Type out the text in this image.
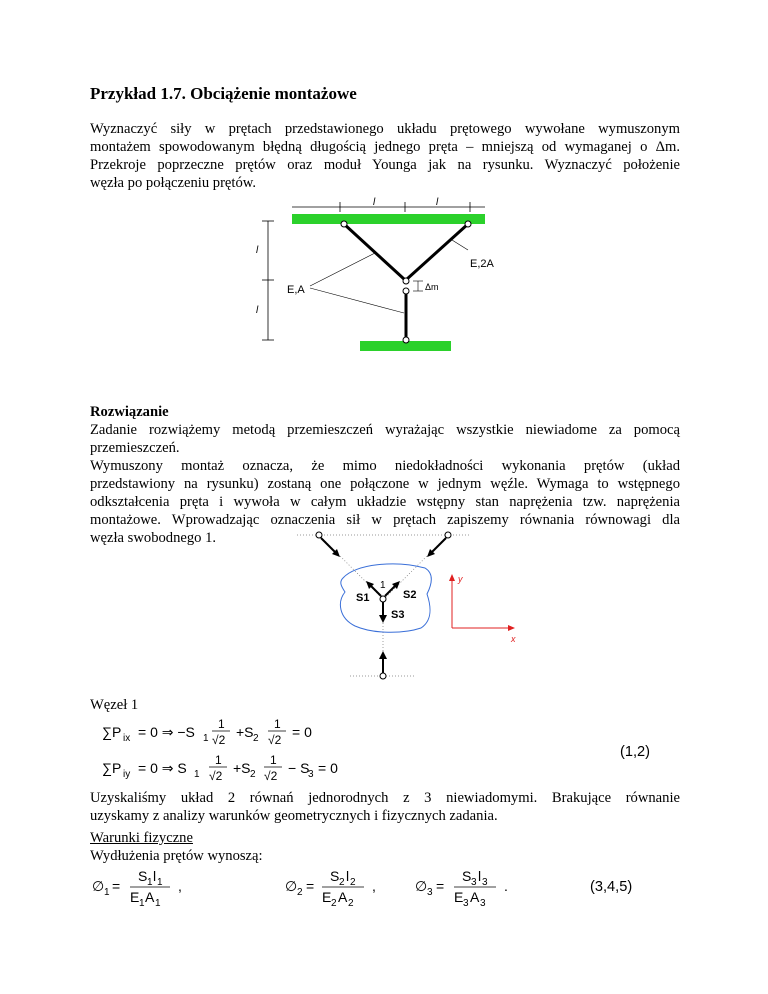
Przykład 1.7. Obciążenie montażowe
Wyznaczyć siły w prętach przedstawionego układu prętowego wywołane wymuszonym
montażem spowodowanym błędną długością jednego pręta – mniejszą od wymaganej o Δm.
Przekroje poprzeczne prętów oraz moduł Younga jak na rysunku. Wyznaczyć położenie
węzła po połączeniu prętów.
l	l
l
l
E,2A
E,A	Δm
Rozwiązanie
Zadanie rozwiążemy metodą przemieszczeń wyrażając wszystkie niewiadome za pomocą
przemieszczeń.
Wymuszony montaż oznacza, że mimo niedokładności wykonania prętów (układ
przedstawiony na rysunku) zostaną one połączone w jednym węźle. Wymaga to wstępnego
odkształcenia pręta i wywoła w całym układzie wstępny stan naprężenia tzw. naprężenia
montażowe. Wprowadzając oznaczenia sił w prętach zapiszemy równania równowagi dla
węzła swobodnego 1.
1
S1	S2
S3
y
x
Węzeł 1
∑P ix = 0 ⇒ −S 1
1
√2 +S 2
1
√2 = 0
∑P iy = 0 ⇒ S 1
1
√2 +S 2
1
√2 − S
3 = 0
(1,2)
Uzyskaliśmy układ 2 równań jednorodnych z 3 niewiadomymi. Brakujące równanie
uzyskamy z analizy warunków geometrycznych i fizycznych zadania.
Warunki fizyczne
Wydłużenia prętów wynoszą:
∅ 1 =
S 1 l 1
E 1 A 1
,	∅ 2 =
S 2 l 2
E 2 A 2
,	∅ 3 =
S 3 l 3
E 3 A 3
.	(3,4,5)
